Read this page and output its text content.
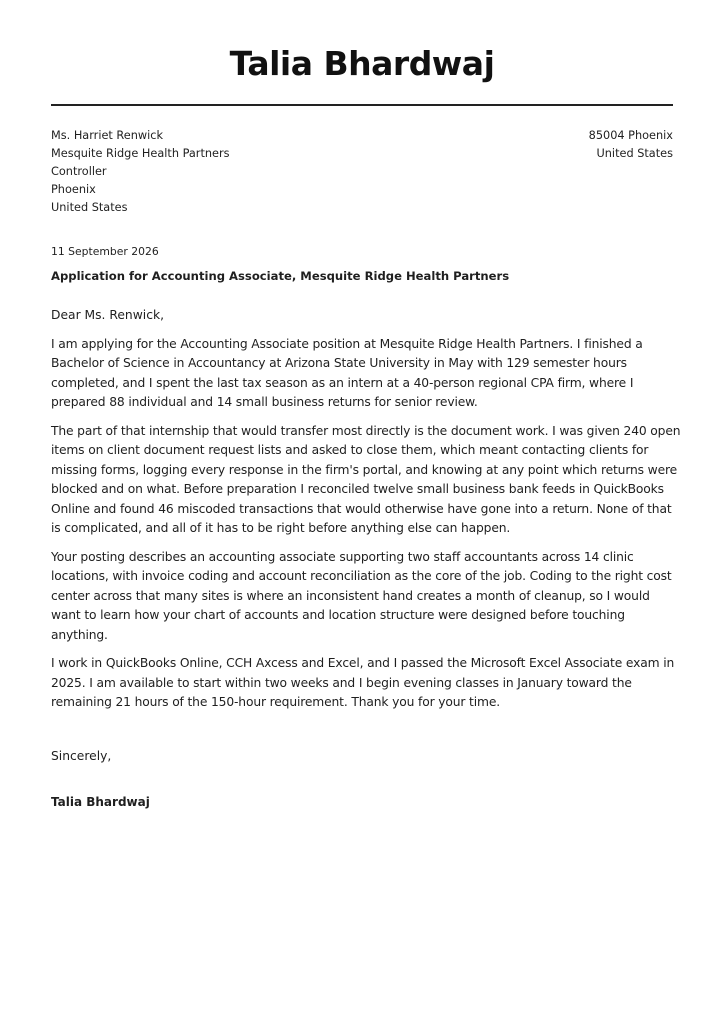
Talia Bhardwaj
Ms. Harriet Renwick
Mesquite Ridge Health Partners
Controller
Phoenix
United States
85004 Phoenix
United States
11 September 2026
Application for Accounting Associate, Mesquite Ridge Health Partners

Dear Ms. Renwick,

I am applying for the Accounting Associate position at Mesquite Ridge Health Partners. I finished a Bachelor of Science in Accountancy at Arizona State University in May with 129 semester hours completed, and I spent the last tax season as an intern at a 40-person regional CPA firm, where I prepared 88 individual and 14 small business returns for senior review.

The part of that internship that would transfer most directly is the document work. I was given 240 open items on client document request lists and asked to close them, which meant contacting clients for missing forms, logging every response in the firm's portal, and knowing at any point which returns were blocked and on what. Before preparation I reconciled twelve small business bank feeds in QuickBooks Online and found 46 miscoded transactions that would otherwise have gone into a return. None of that is complicated, and all of it has to be right before anything else can happen.

Your posting describes an accounting associate supporting two staff accountants across 14 clinic locations, with invoice coding and account reconciliation as the core of the job. Coding to the right cost center across that many sites is where an inconsistent hand creates a month of cleanup, so I would want to learn how your chart of accounts and location structure were designed before touching anything.

I work in QuickBooks Online, CCH Axcess and Excel, and I passed the Microsoft Excel Associate exam in 2025. I am available to start within two weeks and I begin evening classes in January toward the remaining 21 hours of the 150-hour requirement. Thank you for your time.

Sincerely,
Talia Bhardwaj
